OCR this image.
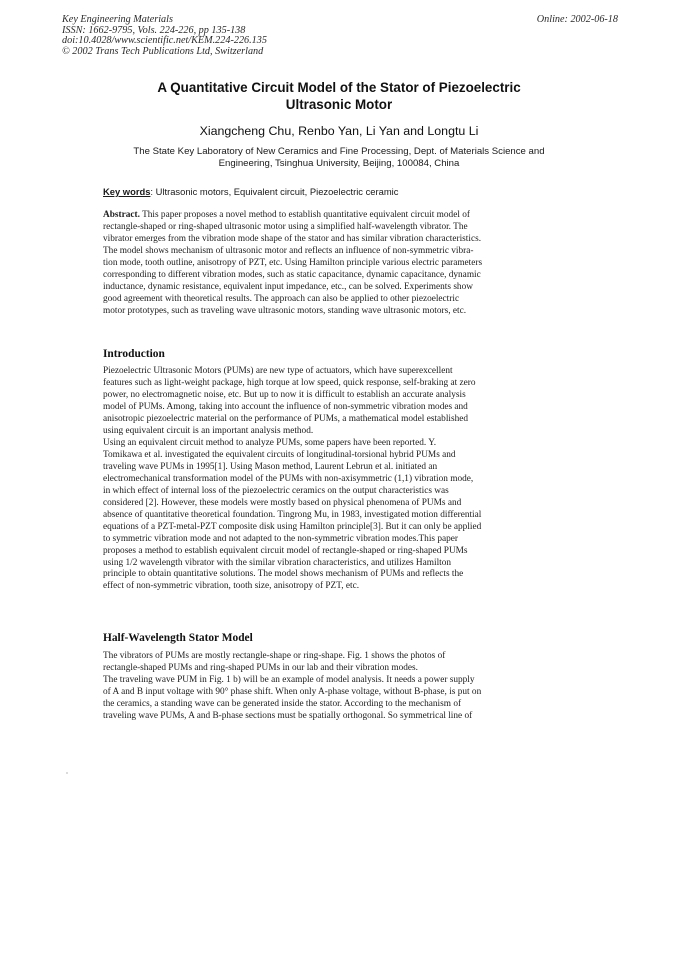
Key Engineering Materials
ISSN: 1662-9795, Vols. 224-226, pp 135-138
doi:10.4028/www.scientific.net/KEM.224-226.135
© 2002 Trans Tech Publications Ltd, Switzerland
Online: 2002-06-18
A Quantitative Circuit Model of the Stator of Piezoelectric
Ultrasonic Motor
Xiangcheng Chu, Renbo Yan, Li Yan and Longtu Li
The State Key Laboratory of New Ceramics and Fine Processing, Dept. of Materials Science and
Engineering, Tsinghua University, Beijing, 100084, China
Key words: Ultrasonic motors, Equivalent circuit, Piezoelectric ceramic
Abstract. This paper proposes a novel method to establish quantitative equivalent circuit model of
rectangle-shaped or ring-shaped ultrasonic motor using a simplified half-wavelength vibrator. The
vibrator emerges from the vibration mode shape of the stator and has similar vibration characteristics.
The model shows mechanism of ultrasonic motor and reflects an influence of non-symmetric vibra-
tion mode, tooth outline, anisotropy of PZT, etc. Using Hamilton principle various electric parameters
corresponding to different vibration modes, such as static capacitance, dynamic capacitance, dynamic
inductance, dynamic resistance, equivalent input impedance, etc., can be solved. Experiments show
good agreement with theoretical results. The approach can also be applied to other piezoelectric
motor prototypes, such as traveling wave ultrasonic motors, standing wave ultrasonic motors, etc.
Introduction
Piezoelectric Ultrasonic Motors (PUMs) are new type of actuators, which have superexcellent
features such as light-weight package, high torque at low speed, quick response, self-braking at zero
power, no electromagnetic noise, etc. But up to now it is difficult to establish an accurate analysis
model of PUMs. Among, taking into account the influence of non-symmetric vibration modes and
anisotropic piezoelectric material on the performance of PUMs, a mathematical model established
using equivalent circuit is an important analysis method.
Using an equivalent circuit method to analyze PUMs, some papers have been reported. Y.
Tomikawa et al. investigated the equivalent circuits of longitudinal-torsional hybrid PUMs and
traveling wave PUMs in 1995[1]. Using Mason method, Laurent Lebrun et al. initiated an
electromechanical transformation model of the PUMs with non-axisymmetric (1,1) vibration mode,
in which effect of internal loss of the piezoelectric ceramics on the output characteristics was
considered [2]. However, these models were mostly based on physical phenomena of PUMs and
absence of quantitative theoretical foundation. Tingrong Mu, in 1983, investigated motion differential
equations of a PZT-metal-PZT composite disk using Hamilton principle[3]. But it can only be applied
to symmetric vibration mode and not adapted to the non-symmetric vibration modes.This paper
proposes a method to establish equivalent circuit model of rectangle-shaped or ring-shaped PUMs
using 1/2 wavelength vibrator with the similar vibration characteristics, and utilizes Hamilton
principle to obtain quantitative solutions. The model shows mechanism of PUMs and reflects the
effect of non-symmetric vibration, tooth size, anisotropy of PZT, etc.
Half-Wavelength Stator Model
The vibrators of PUMs are mostly rectangle-shape or ring-shape. Fig. 1 shows the photos of
rectangle-shaped PUMs and ring-shaped PUMs in our lab and their vibration modes.
The traveling wave PUM in Fig. 1 b) will be an example of model analysis. It needs a power supply
of A and B input voltage with 90° phase shift. When only A-phase voltage, without B-phase, is put on
the ceramics, a standing wave can be generated inside the stator. According to the mechanism of
traveling wave PUMs, A and B-phase sections must be spatially orthogonal. So symmetrical line of
